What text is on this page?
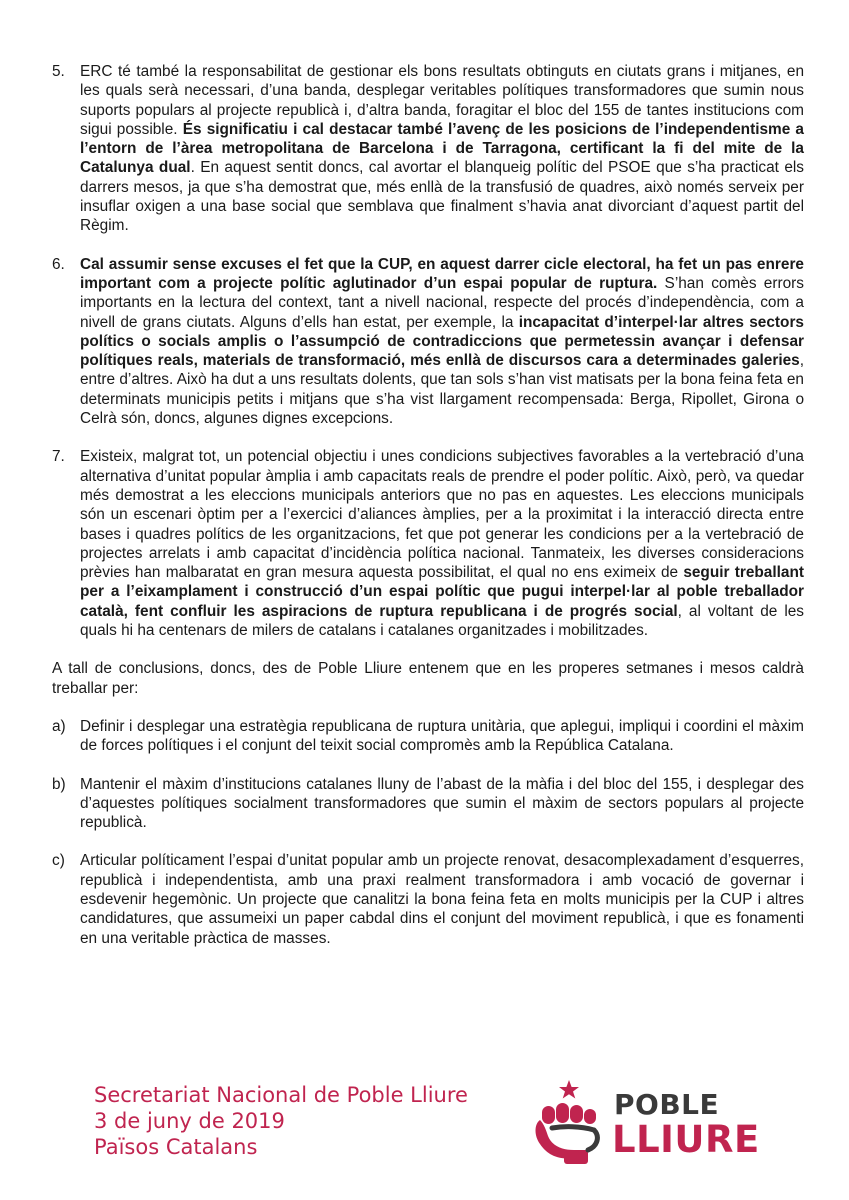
5. ERC té també la responsabilitat de gestionar els bons resultats obtinguts en ciutats grans i mitjanes, en les quals serà necessari, d’una banda, desplegar veritables polítiques transformadores que sumin nous suports populars al projecte republicà i, d’altra banda, foragitar el bloc del 155 de tantes institucions com sigui possible. És significatiu i cal destacar també l’avenç de les posicions de l’independentisme a l’entorn de l’àrea metropolitana de Barcelona i de Tarragona, certificant la fi del mite de la Catalunya dual. En aquest sentit doncs, cal avortar el blanqueig polític del PSOE que s’ha practicat els darrers mesos, ja que s’ha demostrat que, més enllà de la transfusió de quadres, això només serveix per insuflar oxigen a una base social que semblava que finalment s’havia anat divorciant d’aquest partit del Règim.

6. Cal assumir sense excuses el fet que la CUP, en aquest darrer cicle electoral, ha fet un pas enrere important com a projecte polític aglutinador d’un espai popular de ruptura. S’han comès errors importants en la lectura del context, tant a nivell nacional, respecte del procés d’independència, com a nivell de grans ciutats. Alguns d’ells han estat, per exemple, la incapacitat d’interpel·lar altres sectors polítics o socials amplis o l’assumpció de contradiccions que permetessin avançar i defensar polítiques reals, materials de transformació, més enllà de discursos cara a determinades galeries, entre d’altres. Això ha dut a uns resultats dolents, que tan sols s’han vist matisats per la bona feina feta en determinats municipis petits i mitjans que s’ha vist llargament recompensada: Berga, Ripollet, Girona o Celrà són, doncs, algunes dignes excepcions.

7. Existeix, malgrat tot, un potencial objectiu i unes condicions subjectives favorables a la vertebració d’una alternativa d’unitat popular àmplia i amb capacitats reals de prendre el poder polític. Això, però, va quedar més demostrat a les eleccions municipals anteriors que no pas en aquestes. Les eleccions municipals són un escenari òptim per a l’exercici d’aliances àmplies, per a la proximitat i la interacció directa entre bases i quadres polítics de les organitzacions, fet que pot generar les condicions per a la vertebració de projectes arrelats i amb capacitat d’incidència política nacional. Tanmateix, les diverses consideracions prèvies han malbaratat en gran mesura aquesta possibilitat, el qual no ens eximeix de seguir treballant per a l’eixamplament i construcció d’un espai polític que pugui interpel·lar al poble treballador català, fent confluir les aspiracions de ruptura republicana i de progrés social, al voltant de les quals hi ha centenars de milers de catalans i catalanes organitzades i mobilitzades.

A tall de conclusions, doncs, des de Poble Lliure entenem que en les properes setmanes i mesos caldrà treballar per:

a) Definir i desplegar una estratègia republicana de ruptura unitària, que aplegui, impliqui i coordini el màxim de forces polítiques i el conjunt del teixit social compromès amb la República Catalana.

b) Mantenir el màxim d’institucions catalanes lluny de l’abast de la màfia i del bloc del 155, i desplegar des d’aquestes polítiques socialment transformadores que sumin el màxim de sectors populars al projecte republicà.

c) Articular políticament l’espai d’unitat popular amb un projecte renovat, desacomplexadament d’esquerres, republicà i independentista, amb una praxi realment transformadora i amb vocació de governar i esdevenir hegemònic. Un projecte que canalitzi la bona feina feta en molts municipis per la CUP i altres candidatures, que assumeixi un paper cabdal dins el conjunt del moviment republicà, i que es fonamenti en una veritable pràctica de masses.

Secretariat Nacional de Poble Lliure
3 de juny de 2019
Països Catalans
POBLE
LLIURE
